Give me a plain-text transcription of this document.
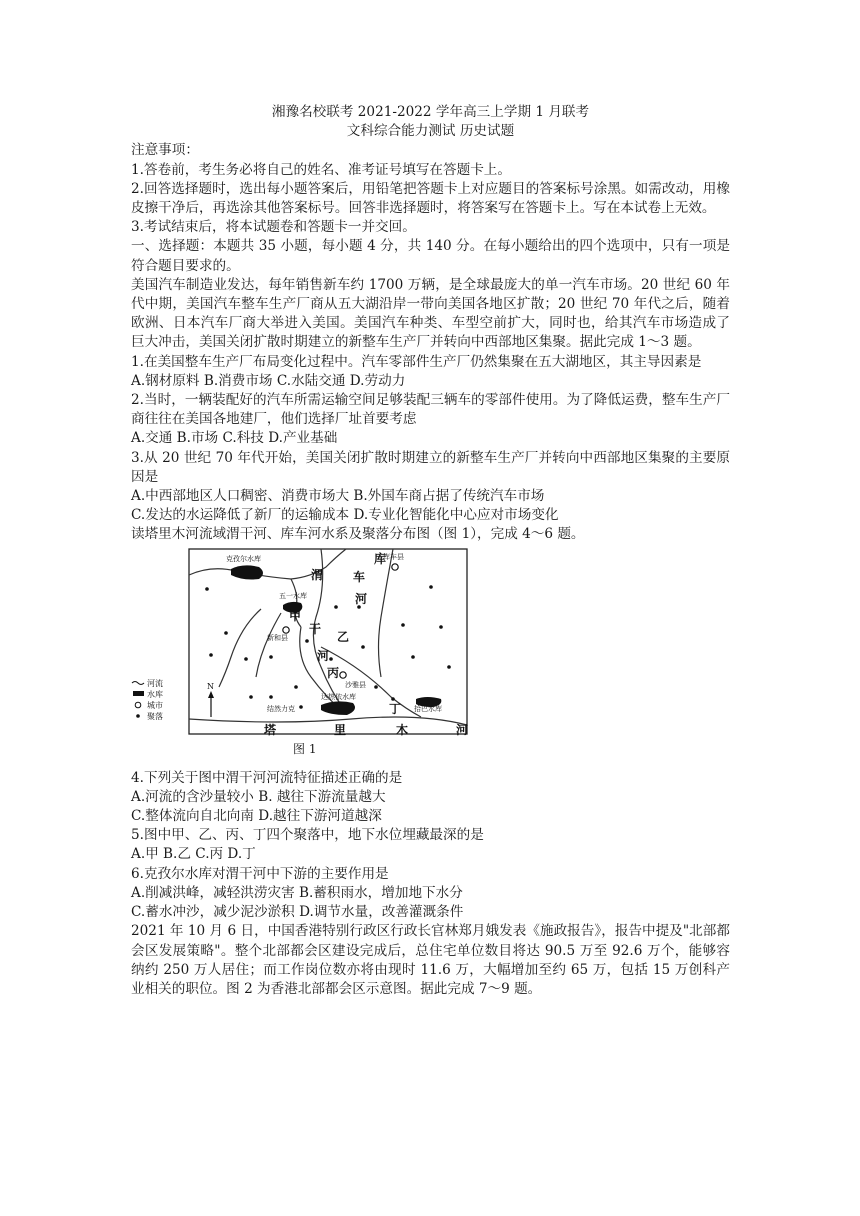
湘豫名校联考 2021-2022 学年高三上学期 1 月联考

文科综合能力测试 历史试题

注意事项：

1.答卷前，考生务必将自己的姓名、准考证号填写在答题卡上。

2.回答选择题时，选出每小题答案后，用铅笔把答题卡上对应题目的答案标号涂黑。如需改动，用橡皮擦干净后，再选涂其他答案标号。回答非选择题时，将答案写在答题卡上。写在本试卷上无效。

3.考试结束后，将本试题卷和答题卡一并交回。

一、选择题：本题共 35 小题，每小题 4 分，共 140 分。在每小题给出的四个选项中，只有一项是符合题目要求的。

美国汽车制造业发达，每年销售新车约 1700 万辆，是全球最庞大的单一汽车市场。20 世纪 60 年代中期，美国汽车整车生产厂商从五大湖沿岸一带向美国各地区扩散；20 世纪 70 年代之后，随着欧洲、日本汽车厂商大举进入美国。美国汽车种类、车型空前扩大，同时也，给其汽车市场造成了 巨大冲击，美国关闭扩散时期建立的新整车生产厂并转向中西部地区集聚。据此完成 1～3 题。

1.在美国整车生产厂布局变化过程中。汽车零部件生产厂仍然集聚在五大湖地区，其主导因素是

A.钢材原料 B.消费市场 C.水陆交通 D.劳动力

2.当时，一辆装配好的汽车所需运输空间足够装配三辆车的零部件使用。为了降低运费，整车生产厂商往往在美国各地建厂，他们选择厂址首要考虑

A.交通 B.市场 C.科技 D.产业基础

3.从 20 世纪 70 年代开始，美国关闭扩散时期建立的新整车生产厂并转向中西部地区集聚的主要原因是

A.中西部地区人口稠密、消费市场大 B.外国车商占据了传统汽车市场

C.发达的水运降低了新厂的运输成本 D.专业化智能化中心应对市场变化

读塔里木河流域渭干河、库车河水系及聚落分布图（图 1），完成 4～6 题。

克孜尔水库
五一水库
库车县
新和县
沙雅县
结然力克
达热依水库
拾巴水库
库
车
河
渭
干
河
塔	里	木	河
甲
乙
丙
丁
N
河流
水库
城市
聚落
图 1

4.下列关于图中渭干河河流特征描述正确的是

A.河流的含沙量较小 B. 越往下游流量越大

C.整体流向自北向南 D.越往下游河道越深

5.图中甲、乙、丙、丁四个聚落中，地下水位埋藏最深的是

A.甲 B.乙 C.丙 D.丁

6.克孜尔水库对渭干河中下游的主要作用是

A.削减洪峰，减轻洪涝灾害 B.蓄积雨水，增加地下水分

C.蓄水冲沙，减少泥沙淤积 D.调节水量，改善灌溉条件

2021 年 10 月 6 日，中国香港特别行政区行政长官林郑月娥发表《施政报告》，报告中提及"北部都会区发展策略"。整个北部都会区建设完成后，总住宅单位数目将达 90.5 万至 92.6 万个，能够容纳约 250 万人居住；而工作岗位数亦将由现时 11.6 万，大幅增加至约 65 万，包括 15 万创科产业相关的职位。图 2 为香港北部都会区示意图。据此完成 7～9 题。
